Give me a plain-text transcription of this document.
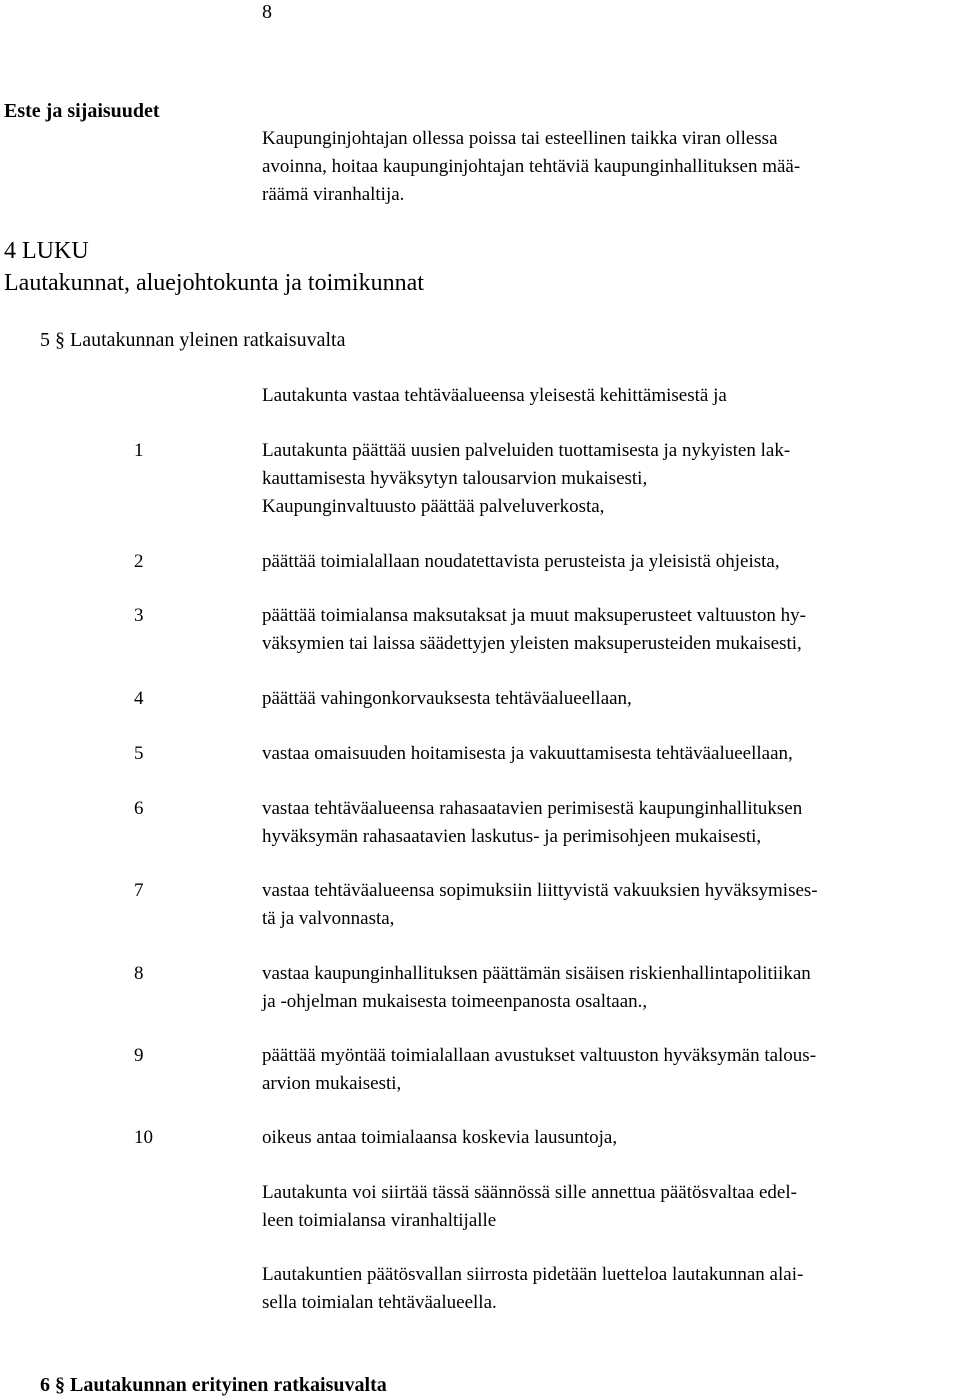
8
Este ja sijaisuudet
Kaupunginjohtajan ollessa poissa tai esteellinen taikka viran ollessa
avoinna, hoitaa kaupunginjohtajan tehtäviä kaupunginhallituksen mää-
räämä viranhaltija.
4 LUKU
Lautakunnat, aluejohtokunta ja toimikunnat
5 § Lautakunnan yleinen ratkaisuvalta
Lautakunta vastaa tehtäväalueensa yleisestä kehittämisestä ja
1	Lautakunta päättää uusien palveluiden tuottamisesta ja nykyisten lak-
kauttamisesta hyväksytyn talousarvion mukaisesti,
Kaupunginvaltuusto päättää palveluverkosta,
2	päättää toimialallaan noudatettavista perusteista ja yleisistä ohjeista,
3	päättää toimialansa maksutaksat ja muut maksuperusteet valtuuston hy-
väksymien tai laissa säädettyjen yleisten maksuperusteiden mukaisesti,
4	päättää vahingonkorvauksesta tehtäväalueellaan,
5	vastaa omaisuuden hoitamisesta ja vakuuttamisesta tehtäväalueellaan,
6	vastaa tehtäväalueensa rahasaatavien perimisestä kaupunginhallituksen
hyväksymän rahasaatavien laskutus- ja perimisohjeen mukaisesti,
7	vastaa tehtäväalueensa sopimuksiin liittyvistä vakuuksien hyväksymises-
tä ja valvonnasta,
8	vastaa kaupunginhallituksen päättämän sisäisen riskienhallintapolitiikan
ja -ohjelman mukaisesta toimeenpanosta osaltaan.,
9	päättää myöntää toimialallaan avustukset valtuuston hyväksymän talous-
arvion mukaisesti,
10	oikeus antaa toimialaansa koskevia lausuntoja,
Lautakunta voi siirtää tässä säännössä sille annettua päätösvaltaa edel-
leen toimialansa viranhaltijalle
Lautakuntien päätösvallan siirrosta pidetään luetteloa lautakunnan alai-
sella toimialan tehtäväalueella.
6 § Lautakunnan erityinen ratkaisuvalta
